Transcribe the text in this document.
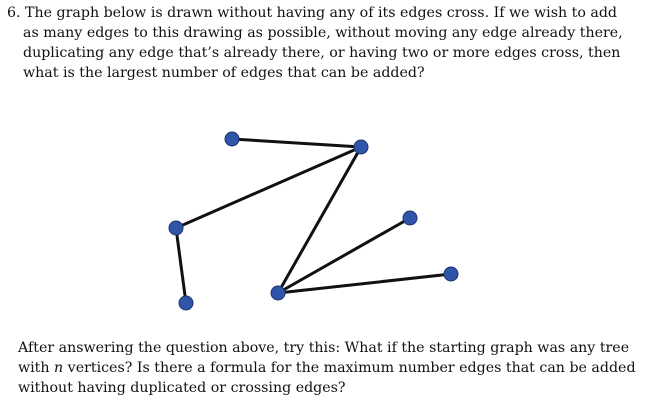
6. The graph below is drawn without having any of its edges cross. If we wish to add
as many edges to this drawing as possible, without moving any edge already there,
duplicating any edge that’s already there, or having two or more edges cross, then
what is the largest number of edges that can be added?
After answering the question above, try this: What if the starting graph was any tree
with n vertices? Is there a formula for the maximum number edges that can be added
without having duplicated or crossing edges?
